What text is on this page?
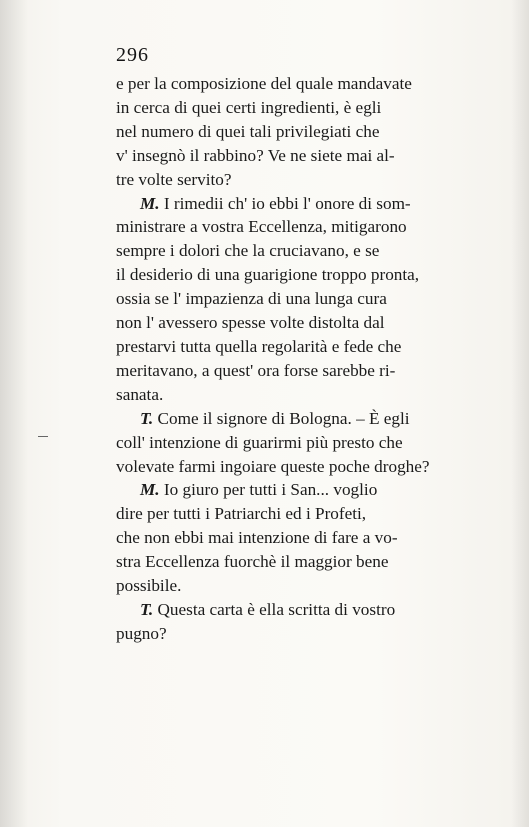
296
e per la composizione del quale mandavate
in cerca di quei certi ingredienti, è egli
nel numero di quei tali privilegiati che
v' insegnò il rabbino? Ve ne siete mai al-
tre volte servito?
M. I rimedii ch' io ebbi l' onore di som-
ministrare a vostra Eccellenza, mitigarono
sempre i dolori che la cruciavano, e se
il desiderio di una guarigione troppo pronta,
ossia se l' impazienza di una lunga cura
non l' avessero spesse volte distolta dal
prestarvi tutta quella regolarità e fede che
meritavano, a quest' ora forse sarebbe ri-
sanata.
T. Come il signore di Bologna. – È egli
coll' intenzione di guarirmi più presto che
volevate farmi ingoiare queste poche droghe?
M. Io giuro per tutti i San... voglio
dire per tutti i Patriarchi ed i Profeti,
che non ebbi mai intenzione di fare a vo-
stra Eccellenza fuorchè il maggior bene
possibile.
T. Questa carta è ella scritta di vostro
pugno?
